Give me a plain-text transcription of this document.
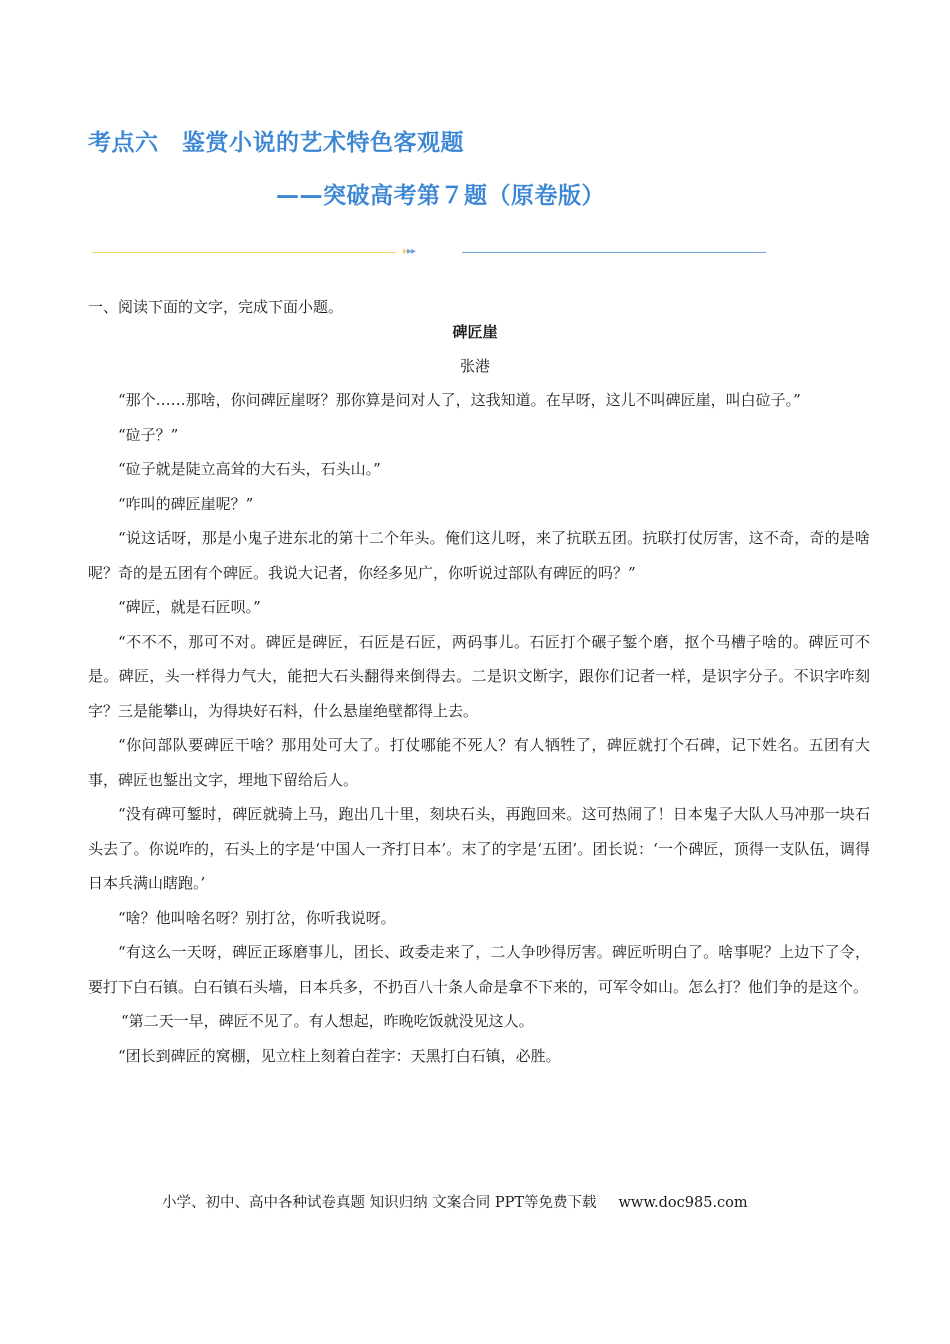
考点六　鉴赏小说的艺术特色客观题
——突破高考第７题（原卷版）
▸▸▸
一、阅读下面的文字，完成下面小题。
碑匠崖
张港

“那个……那啥，你问碑匠崖呀？那你算是问对人了，这我知道。在早呀，这儿不叫碑匠崖，叫白砬子。”

“砬子？”

“砬子就是陡立高耸的大石头，石头山。”

“咋叫的碑匠崖呢？”

“说这话呀，那是小鬼子进东北的第十二个年头。俺们这儿呀，来了抗联五团。抗联打仗厉害，这不奇，奇的是啥呢？奇的是五团有个碑匠。我说大记者，你经多见广，你听说过部队有碑匠的吗？”

“碑匠，就是石匠呗。”

“不不不，那可不对。碑匠是碑匠，石匠是石匠，两码事儿。石匠打个碾子錾个磨，抠个马槽子啥的。碑匠可不是。碑匠，头一样得力气大，能把大石头翻得来倒得去。二是识文断字，跟你们记者一样，是识字分子。不识字咋刻字？三是能攀山，为得块好石料，什么悬崖绝壁都得上去。

“你问部队要碑匠干啥？那用处可大了。打仗哪能不死人？有人牺牲了，碑匠就打个石碑，记下姓名。五团有大事，碑匠也錾出文字，埋地下留给后人。

“没有碑可錾时，碑匠就骑上马，跑出几十里，刻块石头，再跑回来。这可热闹了！日本鬼子大队人马冲那一块石头去了。你说咋的，石头上的字是‘中国人一齐打日本’。末了的字是‘五团’。团长说：‘一个碑匠，顶得一支队伍，调得日本兵满山瞎跑。’

“啥？他叫啥名呀？别打岔，你听我说呀。

“有这么一天呀，碑匠正琢磨事儿，团长、政委走来了，二人争吵得厉害。碑匠听明白了。啥事呢？上边下了令，要打下白石镇。白石镇石头墙，日本兵多，不扔百八十条人命是拿不下来的，可军令如山。怎么打？他们争的是这个。

“第二天一早，碑匠不见了。有人想起，昨晚吃饭就没见这人。

“团长到碑匠的窝棚，见立柱上刻着白茬字：天黑打白石镇，必胜。

小学、初中、高中各种试卷真题 知识归纳 文案合同 PPT等免费下载 www.doc985.com
